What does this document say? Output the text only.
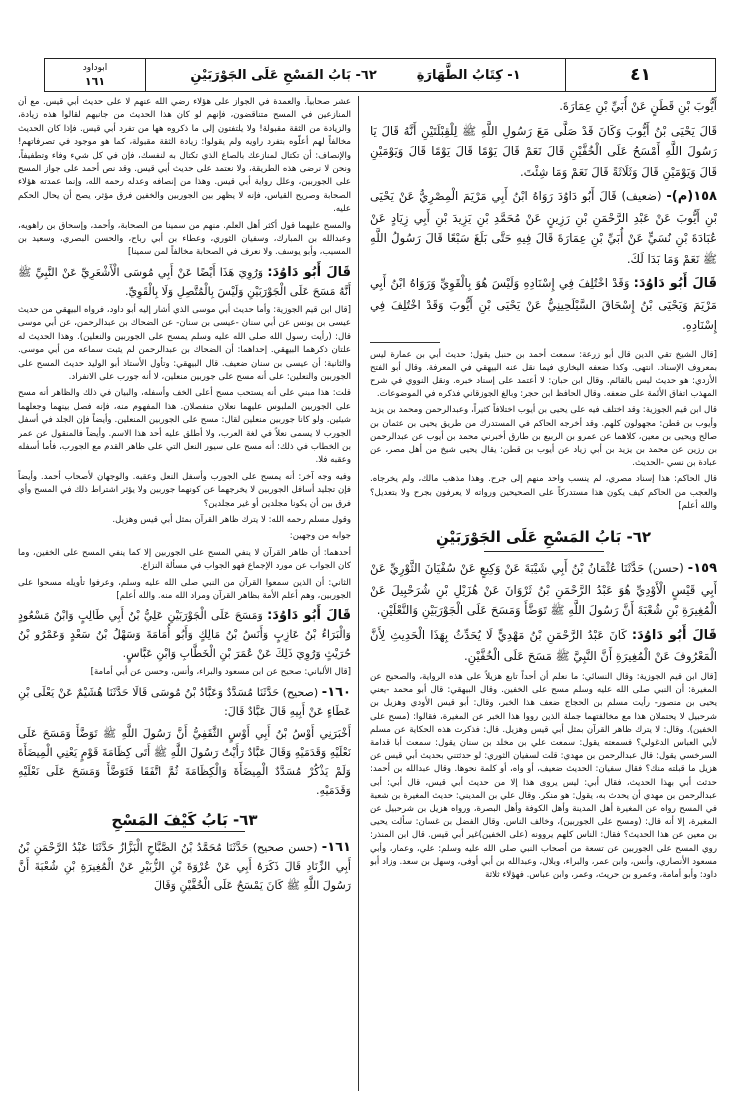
٤١
١- كِتَابُ الطَّهَارَةِ
٦٢- بَابُ المَسْحِ عَلَى الجَوْرَبَيْنِ
ابوداود
١٦١

أَيُّوبَ بْنِ قَطَنٍ عَنْ أُبَيِّ بْنِ عِمَارَةَ.

قَالَ يَحْيَى بْنُ أَيُّوبَ وَكَانَ قَدْ صَلَّى مَعَ رَسُولِ اللَّهِ ﷺ لِلْقِبْلَتَيْنِ أَنَّهُ قَالَ يَا رَسُولَ اللَّهِ أَمْسَحُ عَلَى الْخُفَّيْنِ قَالَ نَعَمْ قَالَ يَوْمًا قَالَ يَوْمًا قَالَ وَيَوْمَيْنِ قَالَ وَيَوْمَيْنِ قَالَ وَثَلَاثَةً قَالَ نَعَمْ وَمَا شِئْتَ.

١٥٨(م)- (ضعيف) قَالَ أَبُو دَاوُدَ رَوَاهُ ابْنُ أَبِي مَرْيَمَ الْمِصْرِيُّ عَنْ يَحْيَى بْنِ أَيُّوبَ عَنْ عَبْدِ الرَّحْمَنِ بْنِ رَزِينٍ عَنْ مُحَمَّدِ بْنِ يَزِيدَ بْنِ أَبِي زِيَادٍ عَنْ عُبَادَةَ بْنِ نُسَيٍّ عَنْ أُبَيِّ بْنِ عِمَارَةَ قَالَ فِيهِ حَتَّى بَلَغَ سَبْعًا قَالَ رَسُولُ اللَّهِ ﷺ نَعَمْ وَمَا بَدَا لَكَ.

قَالَ أَبُو دَاوُدَ: وَقَدْ اخْتُلِفَ فِي إِسْنَادِهِ وَلَيْسَ هُوَ بِالْقَوِيِّ وَرَوَاهُ ابْنُ أَبِي مَرْيَمَ وَيَحْيَى بْنُ إِسْحَاقَ السَّيْلَحِينِيُّ عَنْ يَحْيَى بْنِ أَيُّوبَ وَقَدْ اخْتُلِفَ فِي إِسْنَادِهِ.

[قال الشيخ تقي الدين قال أبو زرعة: سمعت أحمد بن حنبل يقول: حديث أبي بن عمارة ليس بمعروف الإسناد. انتهى. وكذا ضعفه البخاري فيما نقل عنه البيهقي في المعرفة. وقال أبو الفتح الأزدي: هو حديث ليس بالقائم. وقال ابن حبان: لا أعتمد على إسناد خبره. ونقل النووي في شرح المهذب اتفاق الأئمة على ضعفه. وقال الحافظ ابن حجر: وبالغ الجوزقاني فذكره في الموضوعات.

قال ابن قيم الجوزية: وقد اختلف فيه على يحيى بن أيوب اختلافاً كثيراً، وعبدالرحمن ومحمد بن يزيد وأيوب بن قطن: مجهولون كلهم. وقد أخرجه الحاكم في المستدرك من طريق يحيى بن عثمان بن صالح ويحيى بن معين، كلاهما عن عمرو بن الربيع بن طارق أخبرني محمد بن أيوب عن عبدالرحمن بن رزين عن محمد بن يزيد بن أبي زياد عن أيوب بن قطن: يقال يحيى شيخ من أهل مصر، عن عبادة بن نسي -الحديث.

قال الحاكم: هذا إسناد مصري، لم ينسب واحد منهم إلى جرح. وهذا مذهب مالك، ولم يخرجاه. والعجب من الحاكم كيف يكون هذا مستدركاً على الصحيحين ورواته لا يعرفون بجرح ولا بتعديل؟ والله أعلم]

٦٢- بَابُ المَسْحِ عَلَى الجَوْرَبَيْنِ

١٥٩- (حسن) حَدَّثَنَا عُثْمَانُ بْنُ أَبِي شَيْبَةَ عَنْ وَكِيعٍ عَنْ سُفْيَانَ الثَّوْرِيِّ عَنْ أَبِي قَيْسٍ الْأَوْدِيِّ هُوَ عَبْدُ الرَّحْمَنِ بْنُ ثَرْوَانَ عَنْ هُزَيْلِ بْنِ شُرَحْبِيلَ عَنْ الْمُغِيرَةِ بْنِ شُعْبَةَ أَنَّ رَسُولَ اللَّهِ ﷺ تَوَضَّأَ وَمَسَحَ عَلَى الْجَوْرَبَيْنِ وَالنَّعْلَيْنِ.

قَالَ أَبُو دَاوُدَ: كَانَ عَبْدُ الرَّحْمَنِ بْنُ مَهْدِيٍّ لَا يُحَدِّثُ بِهَذَا الْحَدِيثِ لِأَنَّ الْمَعْرُوفَ عَنْ الْمُغِيرَةِ أَنَّ النَّبِيَّ ﷺ مَسَحَ عَلَى الْخُفَّيْنِ.

[قال ابن قيم الجوزية: وقال النسائي: ما نعلم أن أحداً تابع هزيلاً على هذه الرواية، والصحيح عن المغيرة: أن النبي صلى الله عليه وسلم مسح على الخفين. وقال البيهقي: قال أبو محمد -يعني يحيى بن منصور- رأيت مسلم بن الحجاج ضعف هذا الخبر، وقال: أبو قيس الأودي وهزيل بن شرحبيل لا يحتملان هذا مع مخالفتهما جملة الذين رووا هذا الخبر عن المغيرة، فقالوا: (مسح على الخفين). وقال: لا يترك ظاهر القرآن بمثل أبي قيس وهزيل. قال: فذكرت هذه الحكاية عن مسلم لأبي العباس الدغولي؟ فسمعته يقول: سمعت علي بن مخلد بن سنان يقول: سمعت أبا قدامة السرخسي يقول: قال عبدالرحمن بن مهدي: قلت لسفيان الثوري: لو حدثتني بحديث أبي قيس عن هزيل ما قبلته منك؟ فقال سفيان: الحديث ضعيف، أو واه، أو كلمة نحوها. وقال عبدالله بن أحمد: حدثت أبي بهذا الحديث، فقال أبي: ليس يروى هذا إلا من حديث أبي قيس، قال أبي: أبى عبدالرحمن بن مهدي أن يحدث به، يقول: هو منكر. وقال علي بن المديني: حديث المغيرة بن شعبة في المسح رواه عن المغيرة أهل المدينة وأهل الكوفة وأهل البصرة، ورواه هزيل بن شرحبيل عن المغيرة، إلا أنه قال: (ومسح على الجوربين)، وخالف الناس. وقال الفضل بن غسان: سألت يحيى بن معين عن هذا الحديث؟ فقال: الناس كلهم يروونه (على الخفين)غير أبي قيس. قال ابن المنذر: روي المسح على الجوربين عن تسعة من أصحاب النبي صلى الله عليه وسلم: علي، وعمار، وأبي مسعود الأنصاري، وأنس، وابن عمر، والبراء، وبلال، وعبدالله بن أبي أوفى، وسهل بن سعد. وزاد أبو داود: وأبو أمامة، وعمرو بن حريث، وعمر، وابن عباس. فهؤلاء ثلاثة

عشر صحابياً. والعمدة في الجواز على هؤلاء رضي الله عنهم لا على حديث أبي قيس. مع أن المنازعين في المسح متناقضون، فإنهم لو كان هذا الحديث من جانبهم لقالوا هذه زيادة، والزيادة من الثقة مقبولة! ولا يلتفتون إلى ما ذكروه هها من تفرد أبي قيس. فإذا كان الحديث مخالفاً لهم أعلّوه بتفرد راويه ولم يقولوا: زيادة الثقة مقبولة، كما هو موجود في تصرفاتهم! والإنصاف: أن تكتال لمنازعك بالصاع الذي تكتال به لنفسك، فإن في كل شيء وفاء وتطفيفاً، ونحن لا نرضى هذه الطريقة، ولا نعتمد على حديث أبي قيس. وقد نص أحمد على جواز المسح على الجوربين، وعلل رواية أبي قيس. وهذا من إنصافه وعدله رحمه الله، وإنما عمدته هؤلاء الصحابة وصريح القياس، فإنه لا يظهر بين الجوربين والخفين فرق مؤثر، يصح أن يحال الحكم عليه.

والمسح عليهما قول أكثر أهل العلم. منهم من سمينا من الصحابة، وأحمد، وإسحاق بن راهويه، وعبدالله بن المبارك، وسفيان الثوري، وعطاء بن أبي رباح، والحسن البصري، وسعيد بن المسيب، وأبو يوسف. ولا نعرف في الصحابة مخالفاً لمن سمينا]

قَالَ أَبُو دَاوُدَ: وَرُوِيَ هَذَا أَيْضًا عَنْ أَبِي مُوسَى الْأَشْعَرِيِّ عَنْ النَّبِيِّ ﷺ أَنَّهُ مَسَحَ عَلَى الْجَوْرَبَيْنِ وَلَيْسَ بِالْمُتَّصِلِ وَلَا بِالْقَوِيِّ.

[قال ابن قيم الجوزية: وأما حديث أبي موسى الذي أشار إليه أبو داود، فرواه البيهقي من حديث عيسى بن يونس عن أبي سنان -عيسى بن سنان- عن الضحاك بن عبدالرحمن، عن أبي موسى قال: (رأيت رسول الله صلى الله عليه وسلم يمسح على الجوربين والنعلين). وهذا الحديث له علتان ذكرهما البيهقي. إحداهما: أن الضحاك بن عبدالرحمن لم يثبت سماعه من أبي موسى. والثانية: أن عيسى بن سنان ضعيف. قال البيهقي: وتأول الأستاذ أبو الوليد حديث المسح على الجوربين والنعلين: على أنه مسح على جوربين منعلين، لا أنه جورب على الانفراد.

قلت: هذا مبني على أنه يستحب مسح أعلى الخف وأسفله، والبيان في ذلك والظاهر أنه مسح على الجوربين الملبوس عليهما نعلان منفصلان. هذا المفهوم منه، فإنه فصل بينهما وجعلهما شيئين. ولو كانا جوربين منعلين لقال: مسح على الجوربين المنعلين. وأيضاً فإن الجلد في أسفل الجورب لا يسمى نعلاً في لغة العرب، ولا أطلق عليه أحد هذا الاسم. وأيضاً فالمنقول عن عمر بن الخطاب في ذلك: أنه مسح على سيور النعل التي على ظاهر القدم مع الجورب، فأما أسفله وعقبه فلا.

وفيه وجه آخر: أنه يمسح على الجورب وأسفل النعل وعقبه. والوجهان لأصحاب أحمد. وأيضاً فإن تجليد أسافل الجوربين لا يخرجهما عن كونهما جوربين ولا يؤثر اشتراط ذلك في المسح وأي فرق بين أن يكونا مجلدين أو غير مجلدين؟

وقول مسلم رحمه الله: لا يترك ظاهر القرآن بمثل أبي قيس وهزيل.

جوابه من وجهين:

أحدهما: أن ظاهر القرآن لا ينفي المسح على الجوربين إلا كما ينفي المسح على الخفين، وما كان الجواب عن مورد الإجماع فهو الجواب في مسألة النزاع.

الثاني: أن الذين سمعوا القرآن من النبي صلى الله عليه وسلم، وعرفوا تأويله مسحوا على الجوربين، وهم أعلم الأمة بظاهر القرآن ومراد الله منه. والله أعلم]

قَالَ أَبُو دَاوُدَ: وَمَسَحَ عَلَى الْجَوْرَبَيْنِ عَلِيُّ بْنُ أَبِي طَالِبٍ وَابْنُ مَسْعُودٍ وَالْبَرَاءُ بْنُ عَازِبٍ وَأَنَسُ بْنُ مَالِكٍ وَأَبُو أُمَامَةَ وَسَهْلُ بْنُ سَعْدٍ وَعَمْرُو بْنُ حُرَيْثٍ وَرُوِيَ ذَلِكَ عَنْ عُمَرَ بْنِ الْخَطَّابِ وَابْنِ عَبَّاسٍ.

[قال الألباني: صحيح عن ابن مسعود والبراء، وأنس، وحسن عن أبي أمامة]

١٦٠- (صحيح) حَدَّثَنَا مُسَدَّدٌ وَعَبَّادُ بْنُ مُوسَى قَالَا حَدَّثَنَا هُشَيْمٌ عَنْ يَعْلَى بْنِ عَطَاءٍ عَنْ أَبِيهِ قَالَ عَبَّادٌ قَالَ:

أَخْبَرَنِي أَوْسُ بْنُ أَبِي أَوْسٍ الثَّقَفِيُّ أَنَّ رَسُولَ اللَّهِ ﷺ تَوَضَّأَ وَمَسَحَ عَلَى نَعْلَيْهِ وَقَدَمَيْهِ وَقَالَ عَبَّادٌ رَأَيْتُ رَسُولَ اللَّهِ ﷺ أَتَى كِظَامَةَ قَوْمٍ يَعْنِي الْمِيضَأَةَ وَلَمْ يَذْكُرْ مُسَدَّدٌ الْمِيضَأَةَ وَالْكِظَامَةَ ثُمَّ اتَّفَقَا فَتَوَضَّأَ وَمَسَحَ عَلَى نَعْلَيْهِ وَقَدَمَيْهِ.

٦٣- بَابُ كَيْفَ المَسْحِ

١٦١- (حسن صحيح) حَدَّثَنَا مُحَمَّدُ بْنُ الصَّبَّاحِ الْبَزَّازُ حَدَّثَنَا عَبْدُ الرَّحْمَنِ بْنُ أَبِي الزِّنَادِ قَالَ ذَكَرَهُ أَبِي عَنْ عُرْوَةَ بْنِ الزُّبَيْرِ عَنْ الْمُغِيرَةِ بْنِ شُعْبَةَ أَنَّ رَسُولَ اللَّهِ ﷺ كَانَ يَمْسَحُ عَلَى الْخُفَّيْنِ وَقَالَ
